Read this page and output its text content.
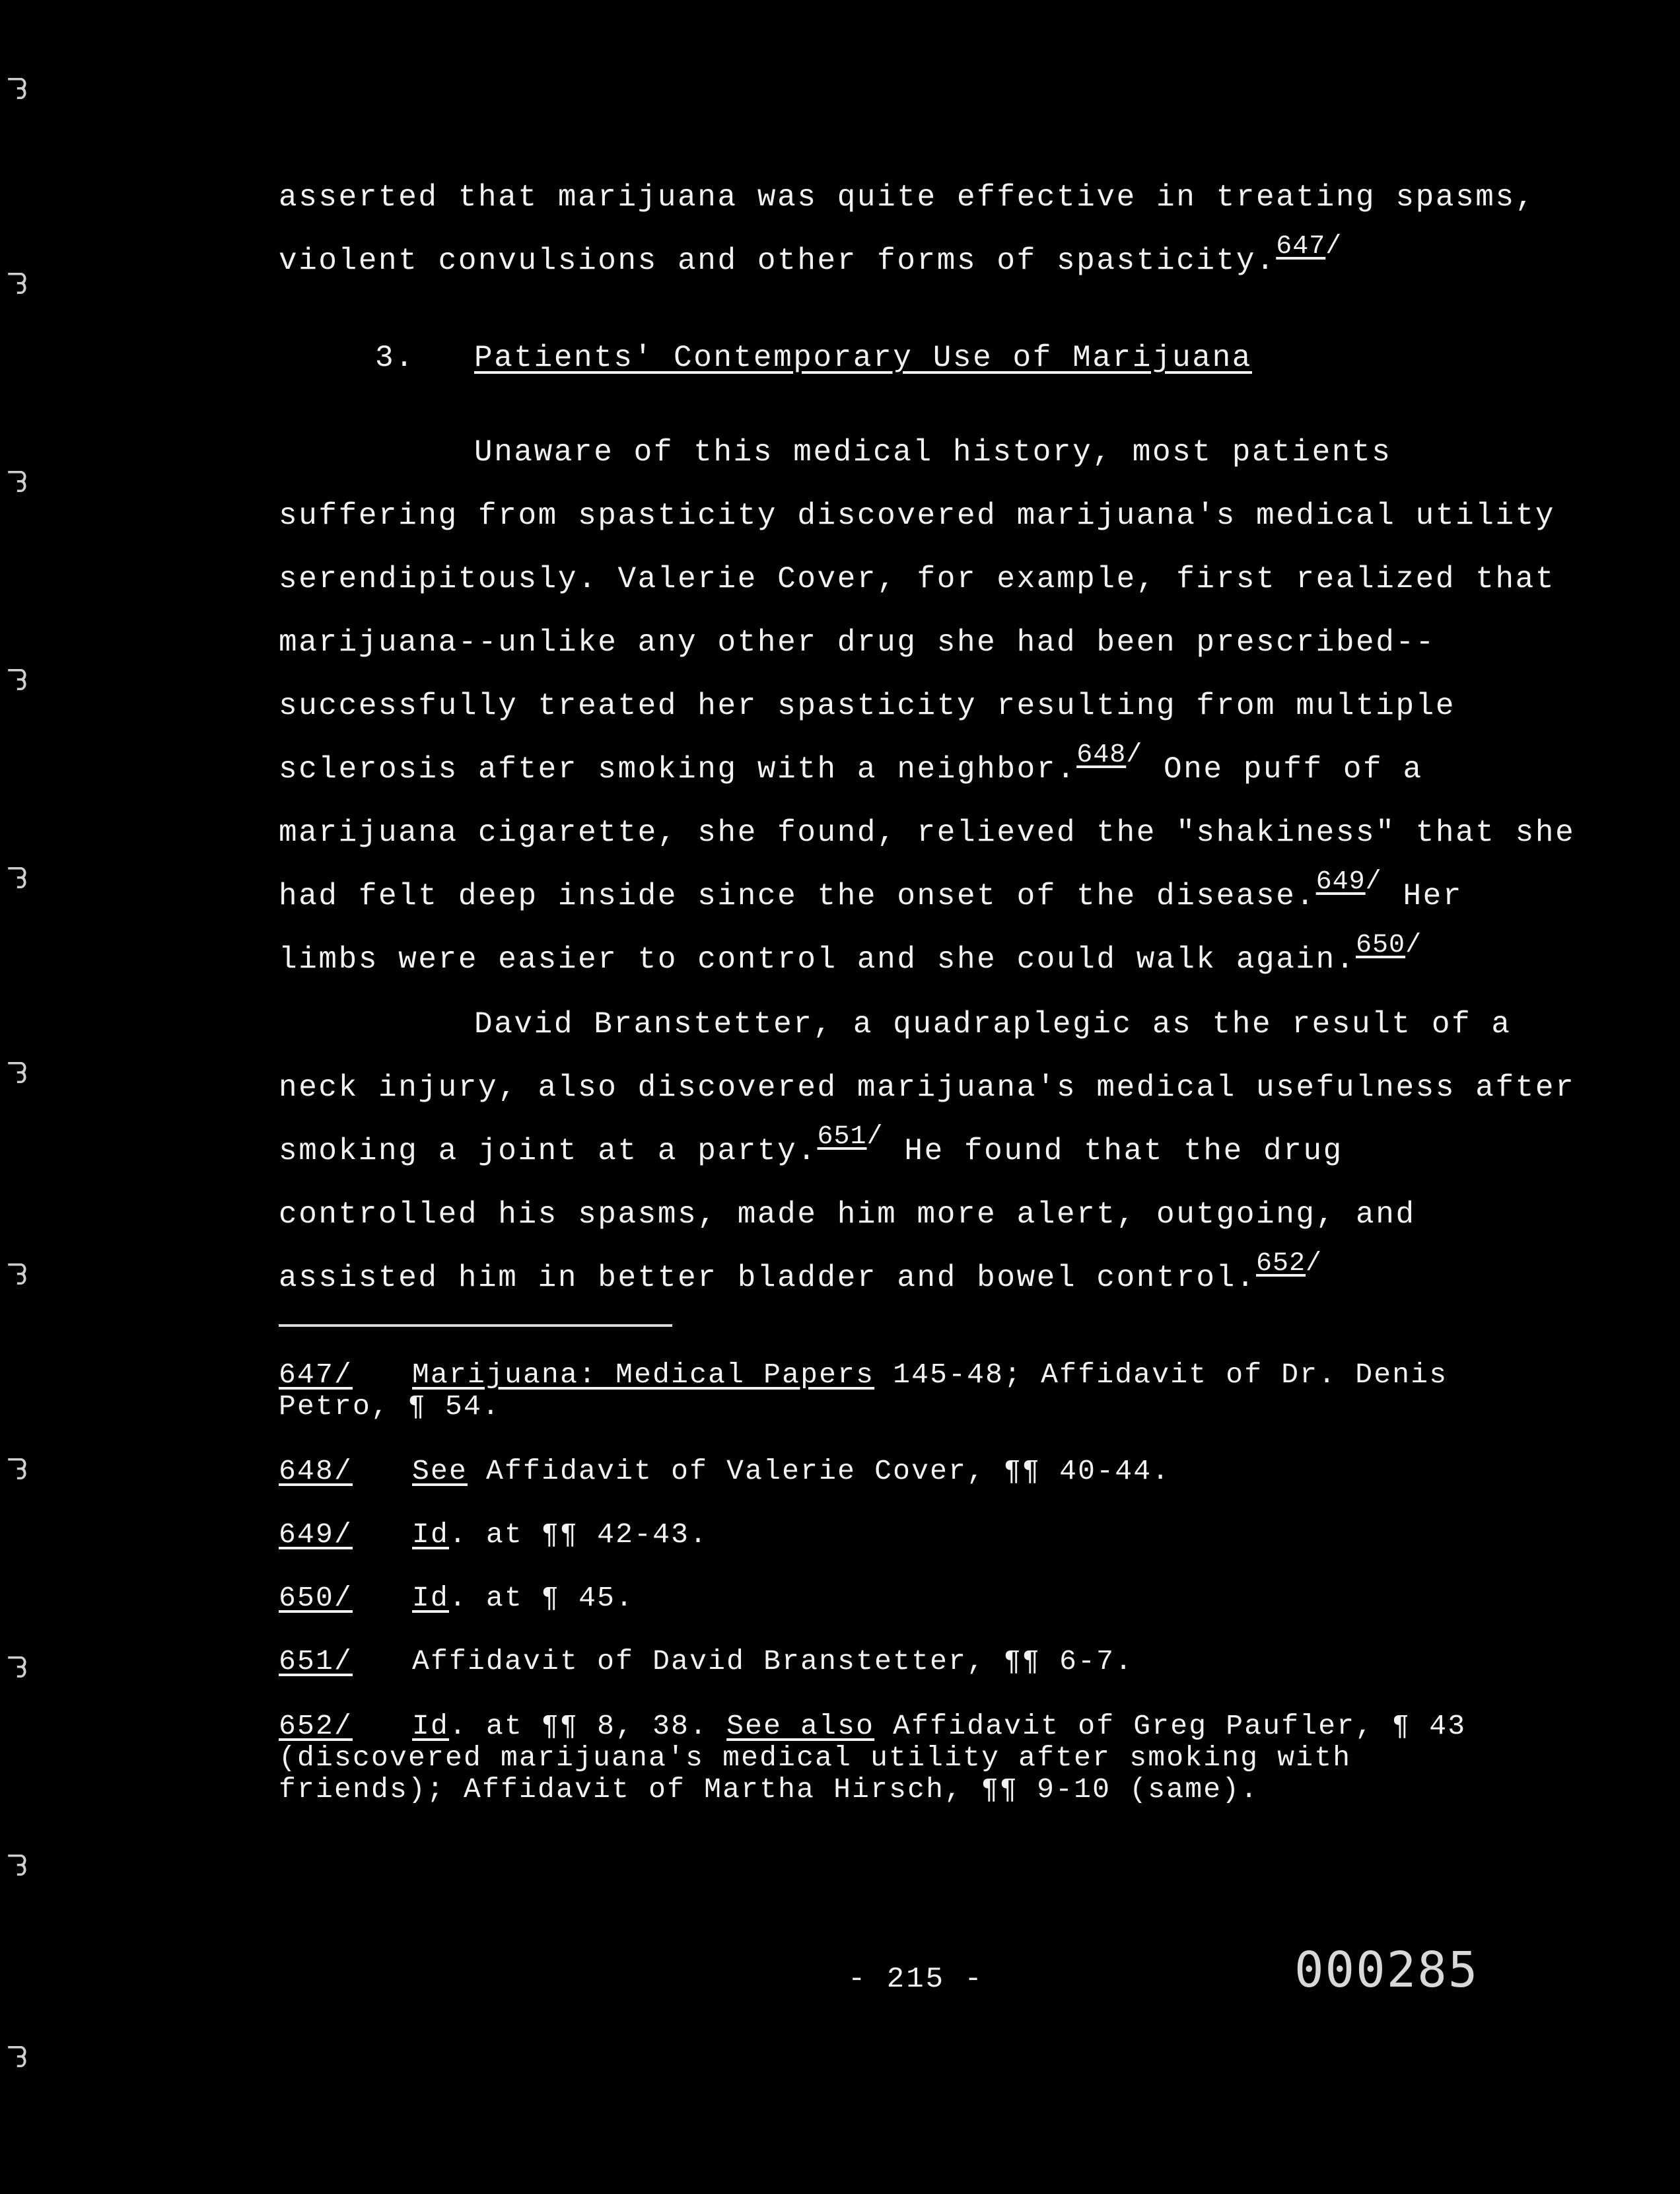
ᘊ
ᘊ
ᘊ
ᘊ
ᘊ
ᘊ
ᘊ
ᘊ
ᘊ
ᘊ
ᘊ
asserted that marijuana was quite effective in treating spasms,
violent convulsions and other forms of spasticity.647/
3. Patients' Contemporary Use of Marijuana
Unaware of this medical history, most patients
suffering from spasticity discovered marijuana's medical utility
serendipitously. Valerie Cover, for example, first realized that
marijuana--unlike any other drug she had been prescribed--
successfully treated her spasticity resulting from multiple
sclerosis after smoking with a neighbor.648/ One puff of a
marijuana cigarette, she found, relieved the "shakiness" that she
had felt deep inside since the onset of the disease.649/ Her
limbs were easier to control and she could walk again.650/
David Branstetter, a quadraplegic as the result of a
neck injury, also discovered marijuana's medical usefulness after
smoking a joint at a party.651/ He found that the drug
controlled his spasms, made him more alert, outgoing, and
assisted him in better bladder and bowel control.652/
647/ Marijuana: Medical Papers 145-48; Affidavit of Dr. Denis
Petro, ¶ 54.
648/ See Affidavit of Valerie Cover, ¶¶ 40-44.
649/ Id. at ¶¶ 42-43.
650/ Id. at ¶ 45.
651/ Affidavit of David Branstetter, ¶¶ 6-7.
652/ Id. at ¶¶ 8, 38. See also Affidavit of Greg Paufler, ¶ 43
(discovered marijuana's medical utility after smoking with
friends); Affidavit of Martha Hirsch, ¶¶ 9-10 (same).
- 215 -	000285
